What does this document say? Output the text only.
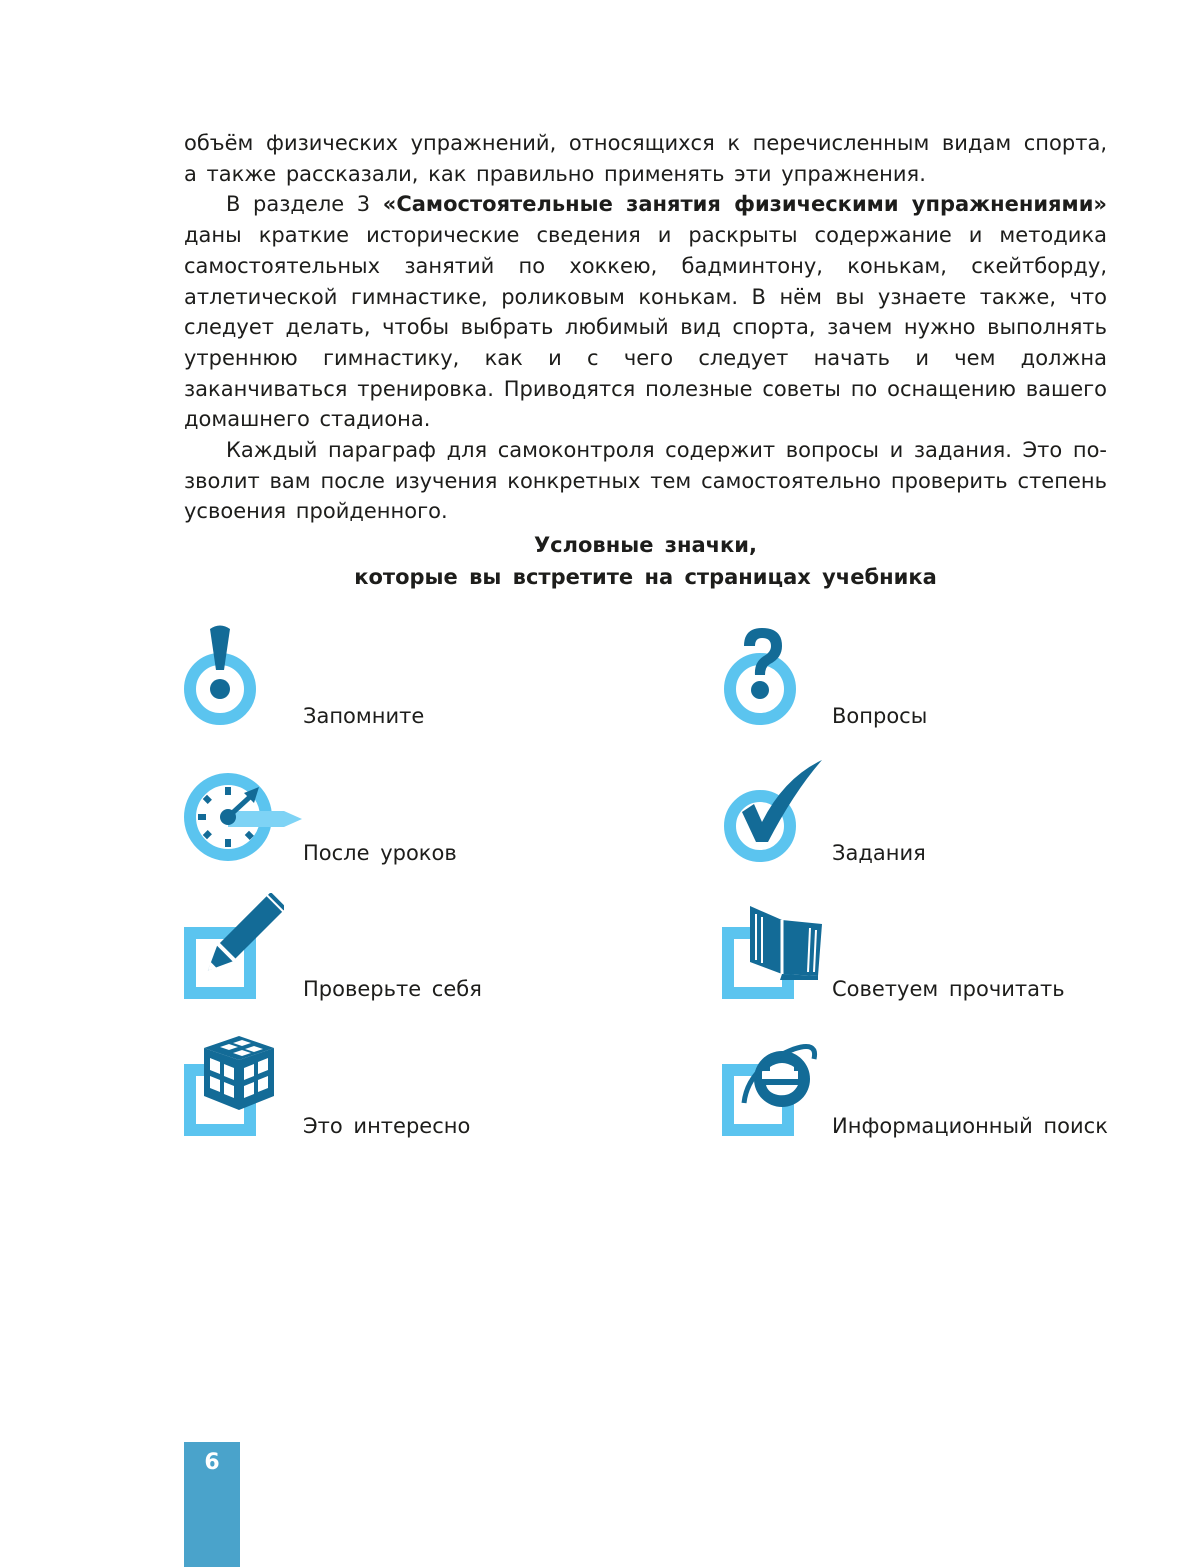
объём физических упражнений, относящихся к перечисленным видам спорта, а также рассказали, как правильно применять эти упражнения.

В разделе 3 «Самостоятельные занятия физическими упражнениями» даны краткие исторические сведения и раскрыты содержание и методика самостоятельных занятий по хоккею, бадминтону, конькам, скейтборду, атлетической гимнастике, роликовым конькам. В нём вы узнаете также, что следует делать, чтобы выбрать любимый вид спорта, зачем нужно выполнять утреннюю гимнастику, как и с чего следует начать и чем должна заканчиваться тренировка. Приводятся полезные советы по оснащению вашего домашнего стадиона.

Каждый параграф для самоконтроля содержит вопросы и задания. Это позволит вам после изучения конкретных тем самостоятельно проверить степень усвоения пройденного.

Условные значки,
которые вы встретите на страницах учебника
Запомните	Вопросы
После уроков	Задания
Проверьте себя	Советуем прочитать
Это интересно	Информационный поиск
6
